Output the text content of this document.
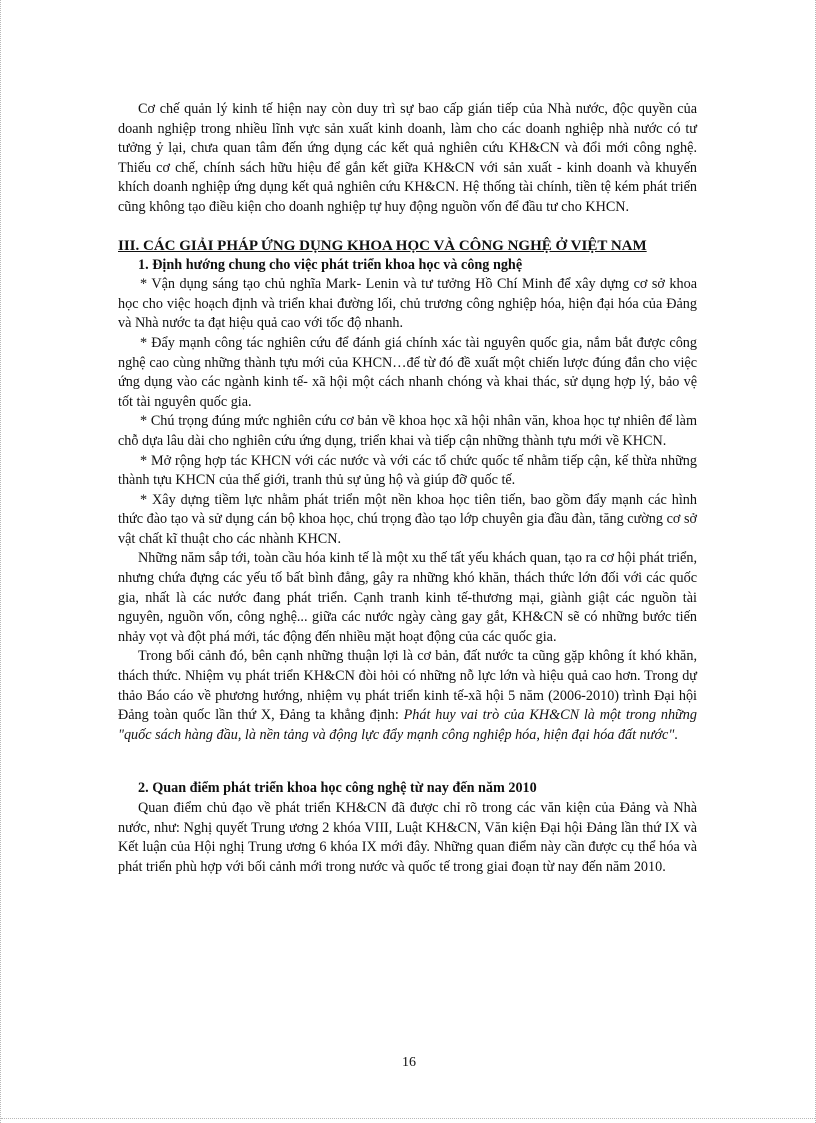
Cơ chế quản lý kinh tế hiện nay còn duy trì sự bao cấp gián tiếp của Nhà nước, độc quyền của doanh nghiệp trong nhiều lĩnh vực sản xuất kinh doanh, làm cho các doanh nghiệp nhà nước có tư tưởng ỷ lại, chưa quan tâm đến ứng dụng các kết quả nghiên cứu KH&CN và đổi mới công nghệ. Thiếu cơ chế, chính sách hữu hiệu để gắn kết giữa KH&CN với sản xuất - kinh doanh và khuyến khích doanh nghiệp ứng dụng kết quả nghiên cứu KH&CN. Hệ thống tài chính, tiền tệ kém phát triển cũng không tạo điều kiện cho doanh nghiệp tự huy động nguồn vốn để đầu tư cho KHCN.

III. CÁC GIẢI PHÁP ỨNG DỤNG KHOA HỌC VÀ CÔNG NGHỆ Ở VIỆT NAM
1. Định hướng chung cho việc phát triển khoa học và công nghệ

* Vận dụng sáng tạo chủ nghĩa Mark- Lenin và tư tưởng Hồ Chí Minh để xây dựng cơ sở khoa học cho việc hoạch định và triển khai đường lối, chủ trương công nghiệp hóa, hiện đại hóa của Đảng và Nhà nước ta đạt hiệu quả cao với tốc độ nhanh.

* Đẩy mạnh công tác nghiên cứu để đánh giá chính xác tài nguyên quốc gia, nắm bắt được công nghệ cao cùng những thành tựu mới của KHCN…để từ đó đề xuất một chiến lược đúng đắn cho việc ứng dụng vào các ngành kinh tế- xã hội một cách nhanh chóng và khai thác, sử dụng hợp lý, bảo vệ tốt tài nguyên quốc gia.

* Chú trọng đúng mức nghiên cứu cơ bản về khoa học xã hội nhân văn, khoa học tự nhiên để làm chỗ dựa lâu dài cho nghiên cứu ứng dụng, triển khai và tiếp cận những thành tựu mới về KHCN.

* Mở rộng hợp tác KHCN với các nước và với các tổ chức quốc tế nhằm tiếp cận, kế thừa những thành tựu KHCN của thế giới, tranh thủ sự ủng hộ và giúp đỡ quốc tế.

* Xây dựng tiềm lực nhằm phát triển một nền khoa học tiên tiến, bao gồm đẩy mạnh các hình thức đào tạo và sử dụng cán bộ khoa học, chú trọng đào tạo lớp chuyên gia đầu đàn, tăng cường cơ sở vật chất kĩ thuật cho các nhành KHCN.

Những năm sắp tới, toàn cầu hóa kinh tế là một xu thế tất yếu khách quan, tạo ra cơ hội phát triển, nhưng chứa đựng các yếu tố bất bình đẳng, gây ra những khó khăn, thách thức lớn đối với các quốc gia, nhất là các nước đang phát triển. Cạnh tranh kinh tế-thương mại, giành giật các nguồn tài nguyên, nguồn vốn, công nghệ... giữa các nước ngày càng gay gắt, KH&CN sẽ có những bước tiến nhảy vọt và đột phá mới, tác động đến nhiều mặt hoạt động của các quốc gia.

Trong bối cảnh đó, bên cạnh những thuận lợi là cơ bản, đất nước ta cũng gặp không ít khó khăn, thách thức. Nhiệm vụ phát triển KH&CN đòi hỏi có những nỗ lực lớn và hiệu quả cao hơn. Trong dự thảo Báo cáo về phương hướng, nhiệm vụ phát triển kinh tế-xã hội 5 năm (2006-2010) trình Đại hội Đảng toàn quốc lần thứ X, Đảng ta khẳng định: Phát huy vai trò của KH&CN là một trong những "quốc sách hàng đầu, là nền tảng và động lực đẩy mạnh công nghiệp hóa, hiện đại hóa đất nước".

2. Quan điểm phát triển khoa học công nghệ từ nay đến năm 2010

Quan điểm chủ đạo về phát triển KH&CN đã được chỉ rõ trong các văn kiện của Đảng và Nhà nước, như: Nghị quyết Trung ương 2 khóa VIII, Luật KH&CN, Văn kiện Đại hội Đảng lần thứ IX và Kết luận của Hội nghị Trung ương 6 khóa IX mới đây. Những quan điểm này cần được cụ thể hóa và phát triển phù hợp với bối cảnh mới trong nước và quốc tế trong giai đoạn từ nay đến năm 2010.

16
